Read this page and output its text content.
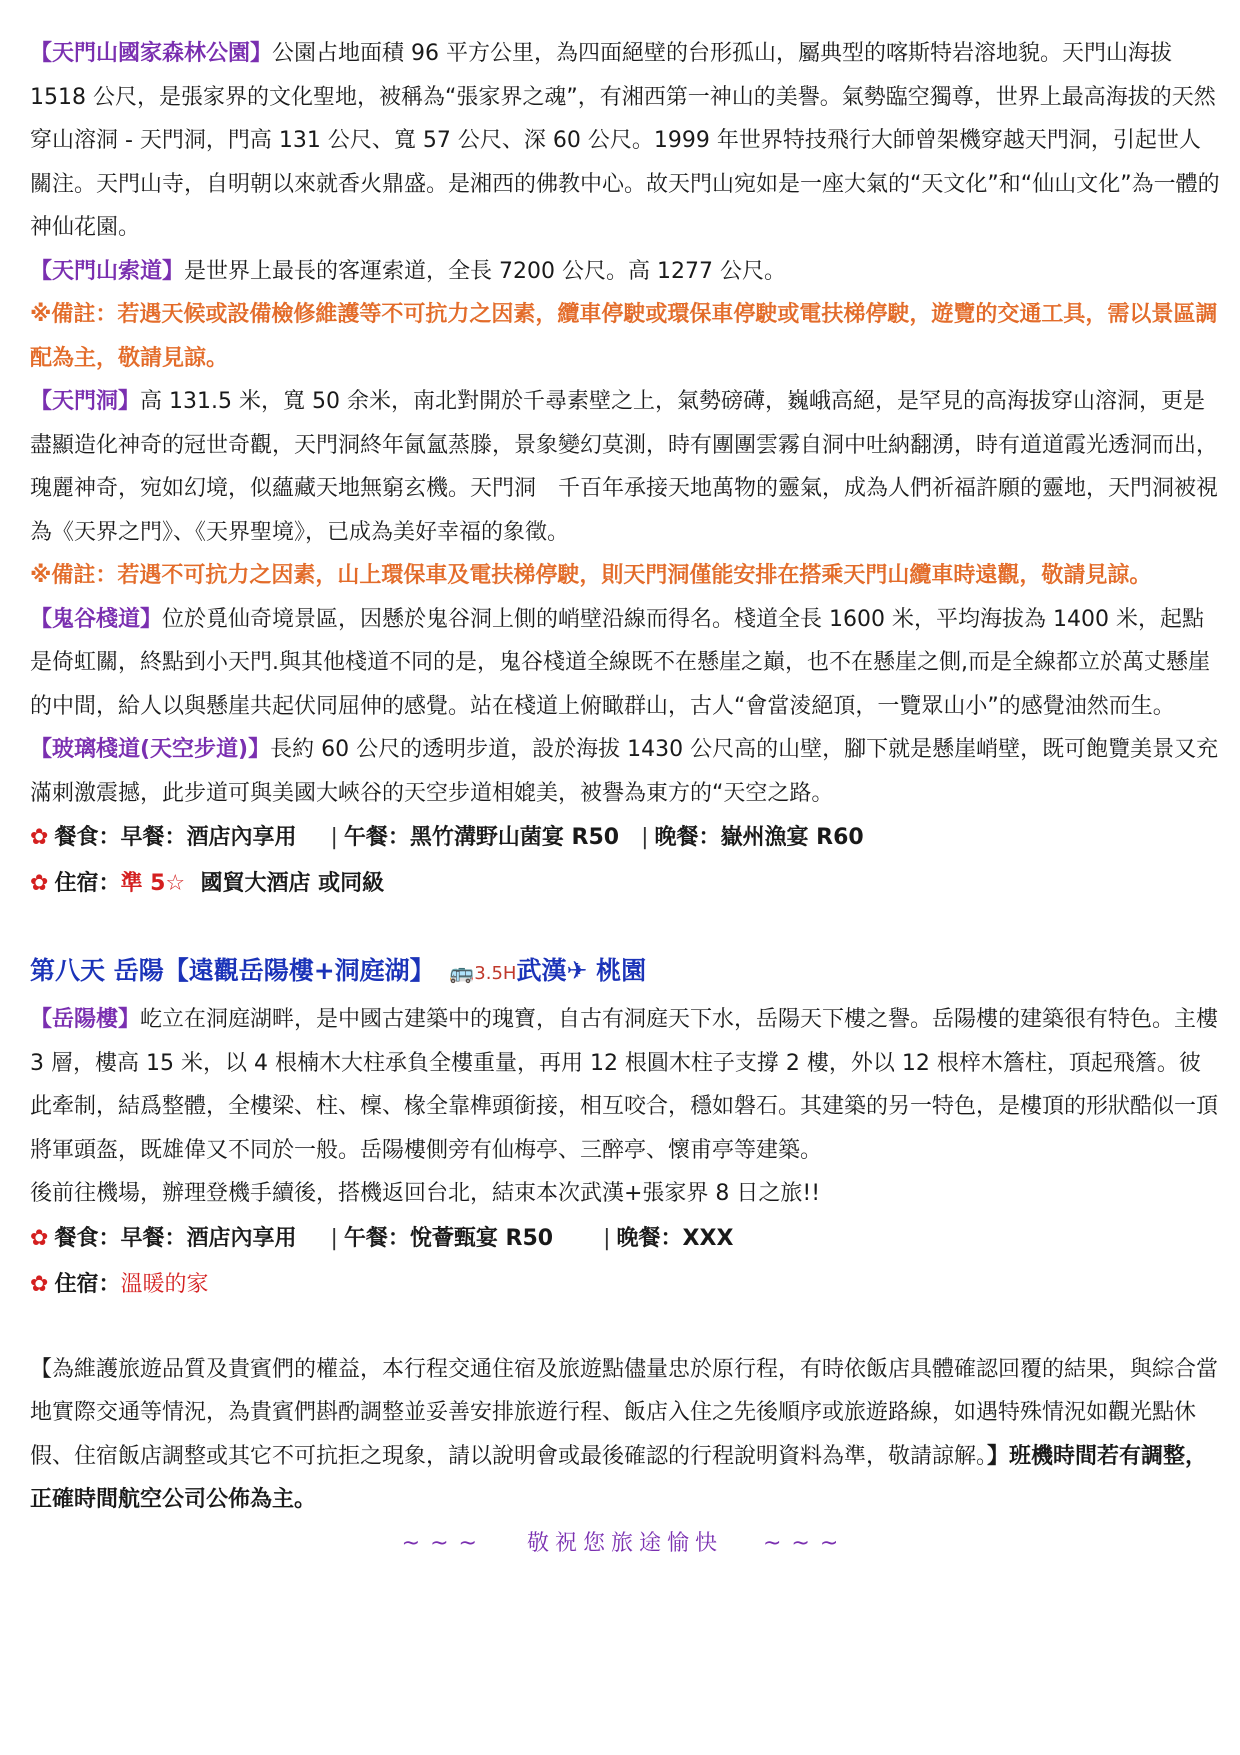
【天門山國家森林公園】公園占地面積 96 平方公里，為四面絕壁的台形孤山，屬典型的喀斯特岩溶地貌。天門山海拔 1518 公尺，是張家界的文化聖地，被稱為“張家界之魂”，有湘西第一神山的美譽。氣勢臨空獨尊，世界上最高海拔的天然穿山溶洞 - 天門洞，門高 131 公尺、寬 57 公尺、深 60 公尺。1999 年世界特技飛行大師曾架機穿越天門洞，引起世人關注。天門山寺，自明朝以來就香火鼎盛。是湘西的佛教中心。故天門山宛如是一座大氣的“天文化”和“仙山文化”為一體的神仙花園。

【天門山索道】是世界上最長的客運索道，全長 7200 公尺。高 1277 公尺。

※備註：若遇天候或設備檢修維護等不可抗力之因素，纜車停駛或環保車停駛或電扶梯停駛，遊覽的交通工具，需以景區調配為主，敬請見諒。

【天門洞】高 131.5 米，寬 50 余米，南北對開於千尋素壁之上，氣勢磅礡，巍峨高絕，是罕見的高海拔穿山溶洞，更是盡顯造化神奇的冠世奇觀，天門洞終年氤氳蒸滕，景象變幻莫測，時有團團雲霧自洞中吐納翻湧，時有道道霞光透洞而出，瑰麗神奇，宛如幻境，似蘊藏天地無窮玄機。天門洞　千百年承接天地萬物的靈氣，成為人們祈福許願的靈地，天門洞被視為《天界之門》、《天界聖境》，已成為美好幸福的象徵。

※備註：若遇不可抗力之因素，山上環保車及電扶梯停駛，則天門洞僅能安排在搭乘天門山纜車時遠觀，敬請見諒。

【鬼谷棧道】位於覓仙奇境景區，因懸於鬼谷洞上側的峭壁沿線而得名。棧道全長 1600 米，平均海拔為 1400 米，起點是倚虹關，終點到小天門.與其他棧道不同的是，鬼谷棧道全線既不在懸崖之巔，也不在懸崖之側,而是全線都立於萬丈懸崖的中間，給人以與懸崖共起伏同屈伸的感覺。站在棧道上俯瞰群山，古人“會當淩絕頂，一覽眾山小”的感覺油然而生。

【玻璃棧道(天空步道)】長約 60 公尺的透明步道，設於海拔 1430 公尺高的山壁，腳下就是懸崖峭壁，既可飽覽美景又充滿刺激震撼，此步道可與美國大峽谷的天空步道相媲美，被譽為東方的“天空之路。

✿ 餐食：早餐：酒店內享用 | 午餐：黑竹溝野山菌宴 R50 | 晚餐：嶽州漁宴 R60
✿ 住宿：準 5☆ 國貿大酒店 或同級
第八天 岳陽【遠觀岳陽樓+洞庭湖】 🚌3.5H武漢✈ 桃園

【岳陽樓】屹立在洞庭湖畔，是中國古建築中的瑰寶，自古有洞庭天下水，岳陽天下樓之譽。岳陽樓的建築很有特色。主樓 3 層，樓高 15 米，以 4 根楠木大柱承負全樓重量，再用 12 根圓木柱子支撐 2 樓，外以 12 根梓木簷柱，頂起飛簷。彼此牽制，結爲整體，全樓梁、柱、檁、椽全靠榫頭銜接，相互咬合，穩如磐石。其建築的另一特色，是樓頂的形狀酷似一頂將軍頭盔，既雄偉又不同於一般。岳陽樓側旁有仙梅亭、三醉亭、懷甫亭等建築。

後前往機場，辦理登機手續後，搭機返回台北，結束本次武漢+張家界 8 日之旅!!

✿ 餐食：早餐：酒店內享用 | 午餐：悅薈甄宴 R50 | 晚餐：XXX
✿ 住宿：溫暖的家

【為維護旅遊品質及貴賓們的權益，本行程交通住宿及旅遊點儘量忠於原行程，有時依飯店具體確認回覆的結果，與綜合當地實際交通等情況，為貴賓們斟酌調整並妥善安排旅遊行程、飯店入住之先後順序或旅遊路線，如遇特殊情況如觀光點休假、住宿飯店調整或其它不可抗拒之現象，請以說明會或最後確認的行程說明資料為準，敬請諒解。】班機時間若有調整，正確時間航空公司公佈為主。

~~~ 敬祝您旅途愉快 ~~~
